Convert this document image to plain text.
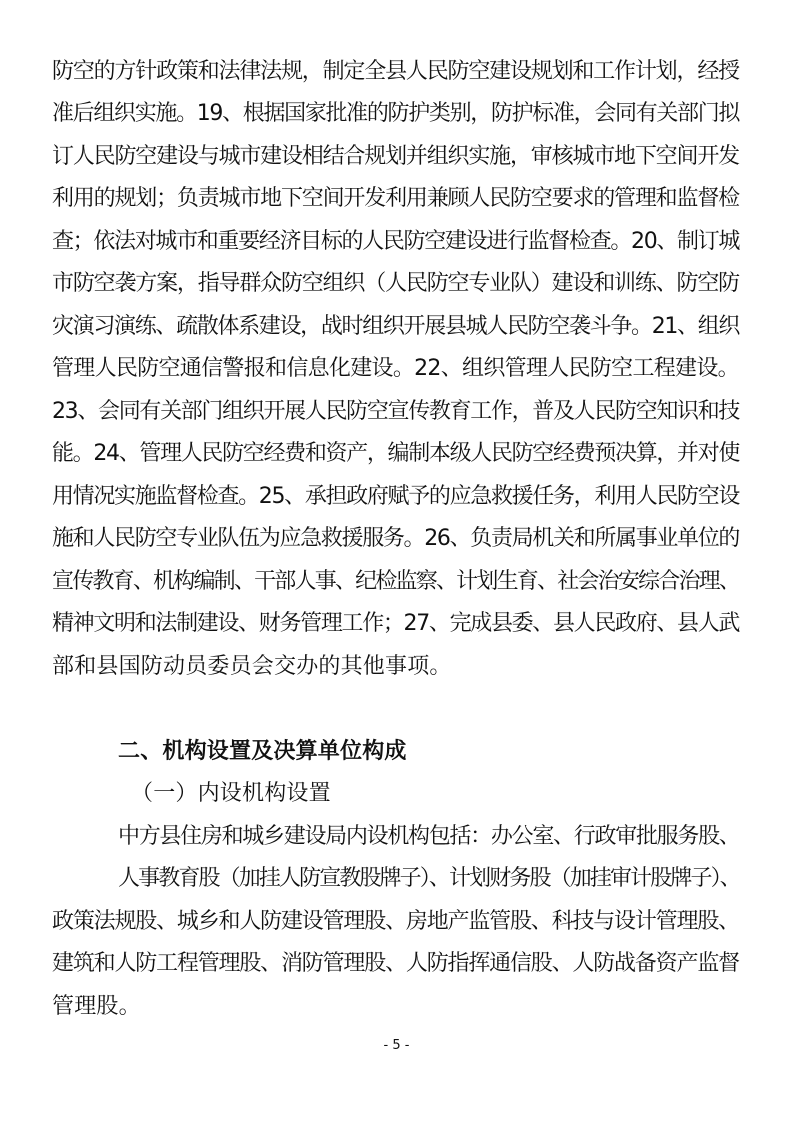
防空的方针政策和法律法规，制定全县人民防空建设规划和工作计划，经授
准后组织实施。19、根据国家批准的防护类别，防护标准，会同有关部门拟
订人民防空建设与城市建设相结合规划并组织实施，审核城市地下空间开发
利用的规划；负责城市地下空间开发利用兼顾人民防空要求的管理和监督检
查；依法对城市和重要经济目标的人民防空建设进行监督检查。20、制订城
市防空袭方案，指导群众防空组织（人民防空专业队）建设和训练、防空防
灾演习演练、疏散体系建设，战时组织开展县城人民防空袭斗争。21、组织
管理人民防空通信警报和信息化建设。22、组织管理人民防空工程建设。
23、会同有关部门组织开展人民防空宣传教育工作，普及人民防空知识和技
能。24、管理人民防空经费和资产，编制本级人民防空经费预决算，并对使
用情况实施监督检查。25、承担政府赋予的应急救援任务，利用人民防空设
施和人民防空专业队伍为应急救援服务。26、负责局机关和所属事业单位的
宣传教育、机构编制、干部人事、纪检监察、计划生育、社会治安综合治理、
精神文明和法制建设、财务管理工作；27、完成县委、县人民政府、县人武
部和县国防动员委员会交办的其他事项。
二、机构设置及决算单位构成
（一）内设机构设置
中方县住房和城乡建设局内设机构包括：办公室、行政审批服务股、
人事教育股（加挂人防宣教股牌子）、计划财务股（加挂审计股牌子）、
政策法规股、城乡和人防建设管理股、房地产监管股、科技与设计管理股、
建筑和人防工程管理股、消防管理股、人防指挥通信股、人防战备资产监督
管理股。
- 5 -
